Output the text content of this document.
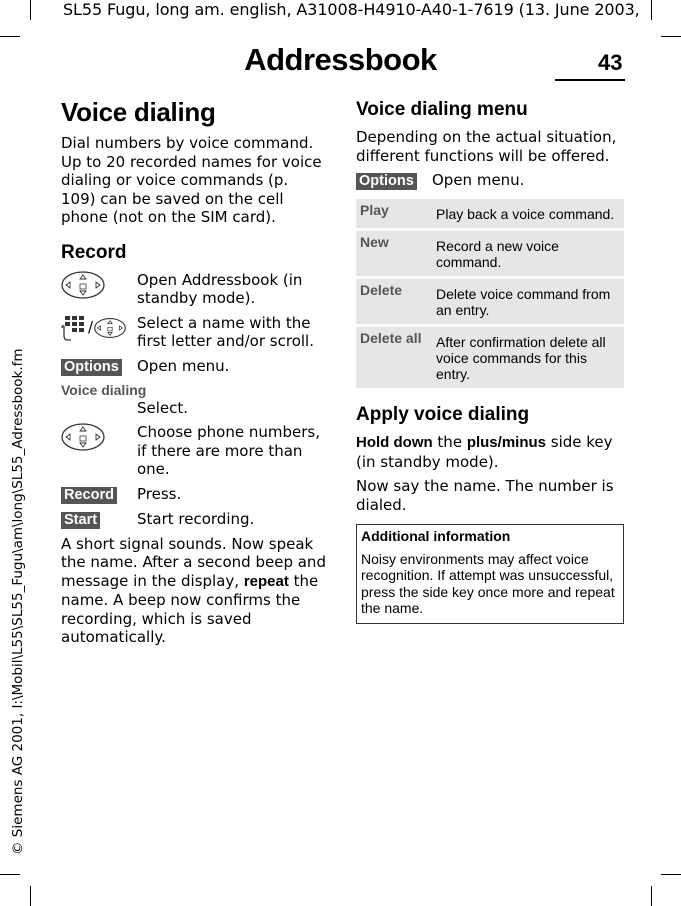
SL55 Fugu, long am. english, A31008-H4910-A40-1-7619 (13. June 2003,
© Siemens AG 2001, I:\Mobil\L55\SL55_Fugu\am\long\SL55_Adressbook.fm
Addressbook	43
Voice dialing

Dial numbers by voice command. Up to 20 recorded names for voice dialing or voice commands (p. 109) can be saved on the cell phone (not on the SIM card).

Record
Open Addressbook (in standby mode).
/	Select a name with the first letter and/or scroll.
Options	Open menu.
Voice dialing
Select.
Choose phone numbers, if there are more than one.
Record	Press.
Start	Start recording.

A short signal sounds. Now speak the name. After a second beep and message in the display, repeat the name. A beep now confirms the recording, which is saved automatically.

Voice dialing menu

Depending on the actual situation, different functions will be offered.

Options	Open menu.
Play	Play back a voice command.
New	Record a new voice command.
Delete	Delete voice command from an entry.
Delete all	After confirmation delete all voice commands for this entry.
Apply voice dialing

Hold down the plus/minus side key (in standby mode).

Now say the name. The number is dialed.

Additional information
Noisy environments may affect voice recognition. If attempt was unsuccessful, press the side key once more and repeat the name.
